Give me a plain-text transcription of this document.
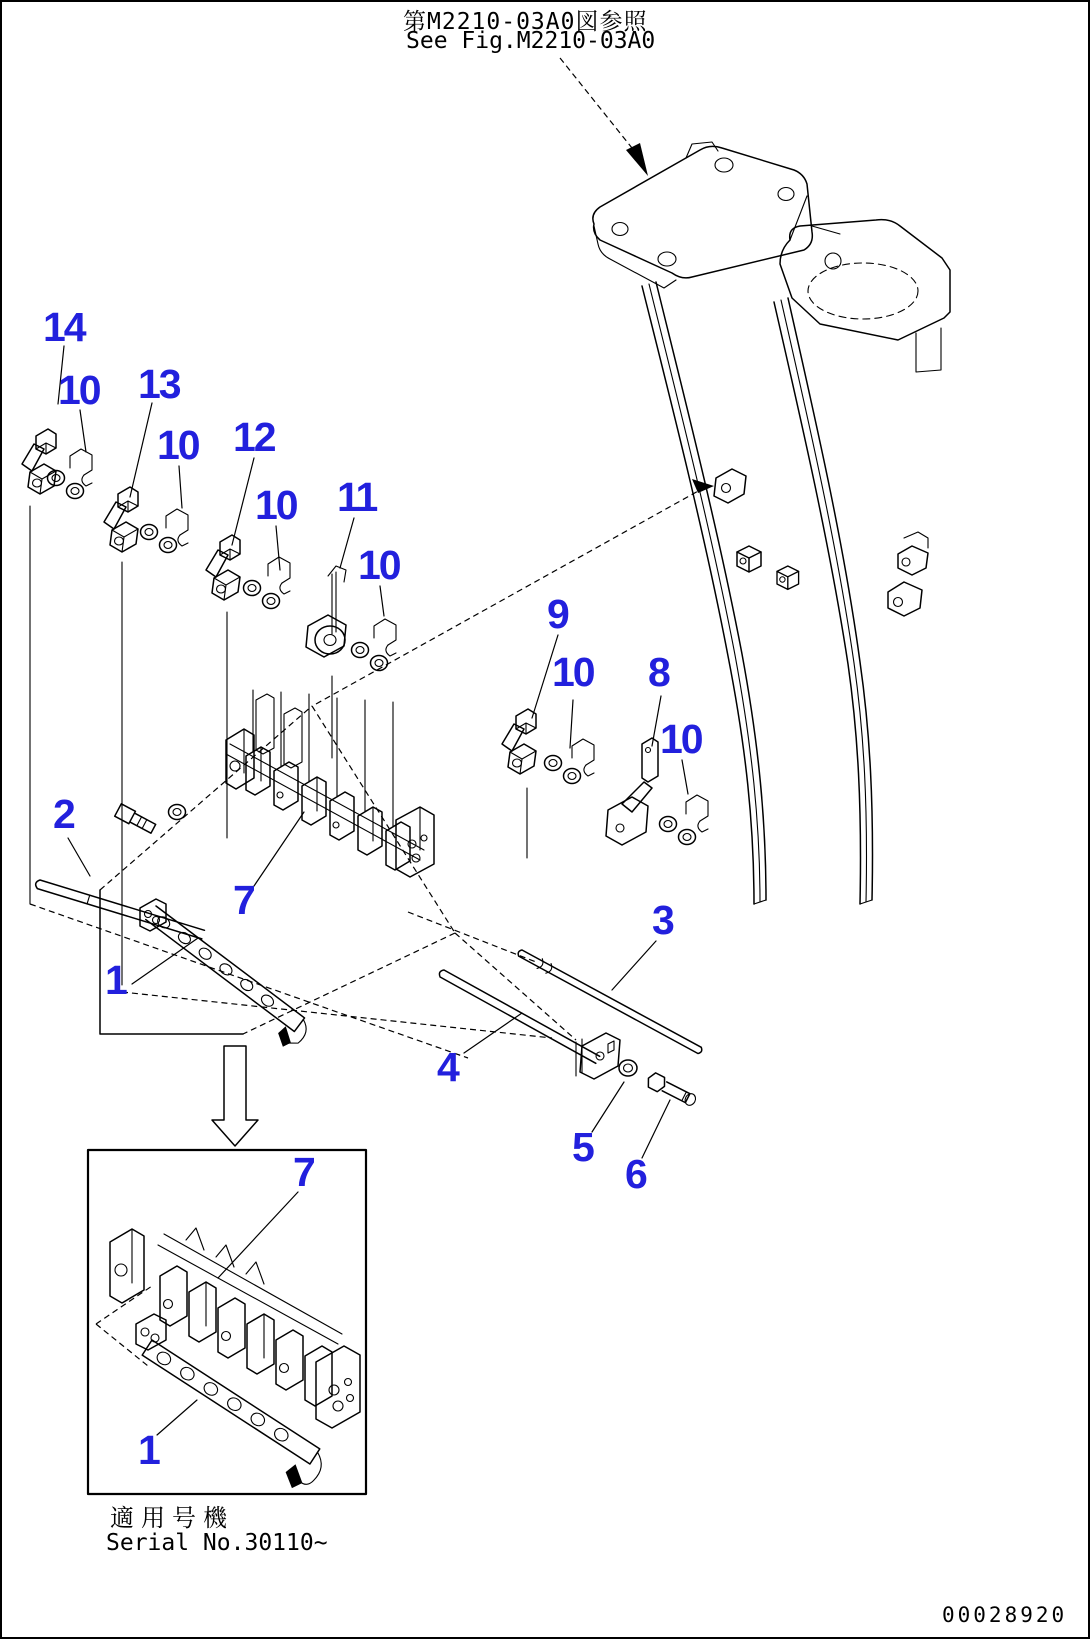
第M2210-03A0図参照
See Fig.M2210-03A0
適用号機
Serial No.30110~
00028920
14
10 13
10 12
10 11
10
9
10 8
10
2
7
1
3
4
5
6
7
1
